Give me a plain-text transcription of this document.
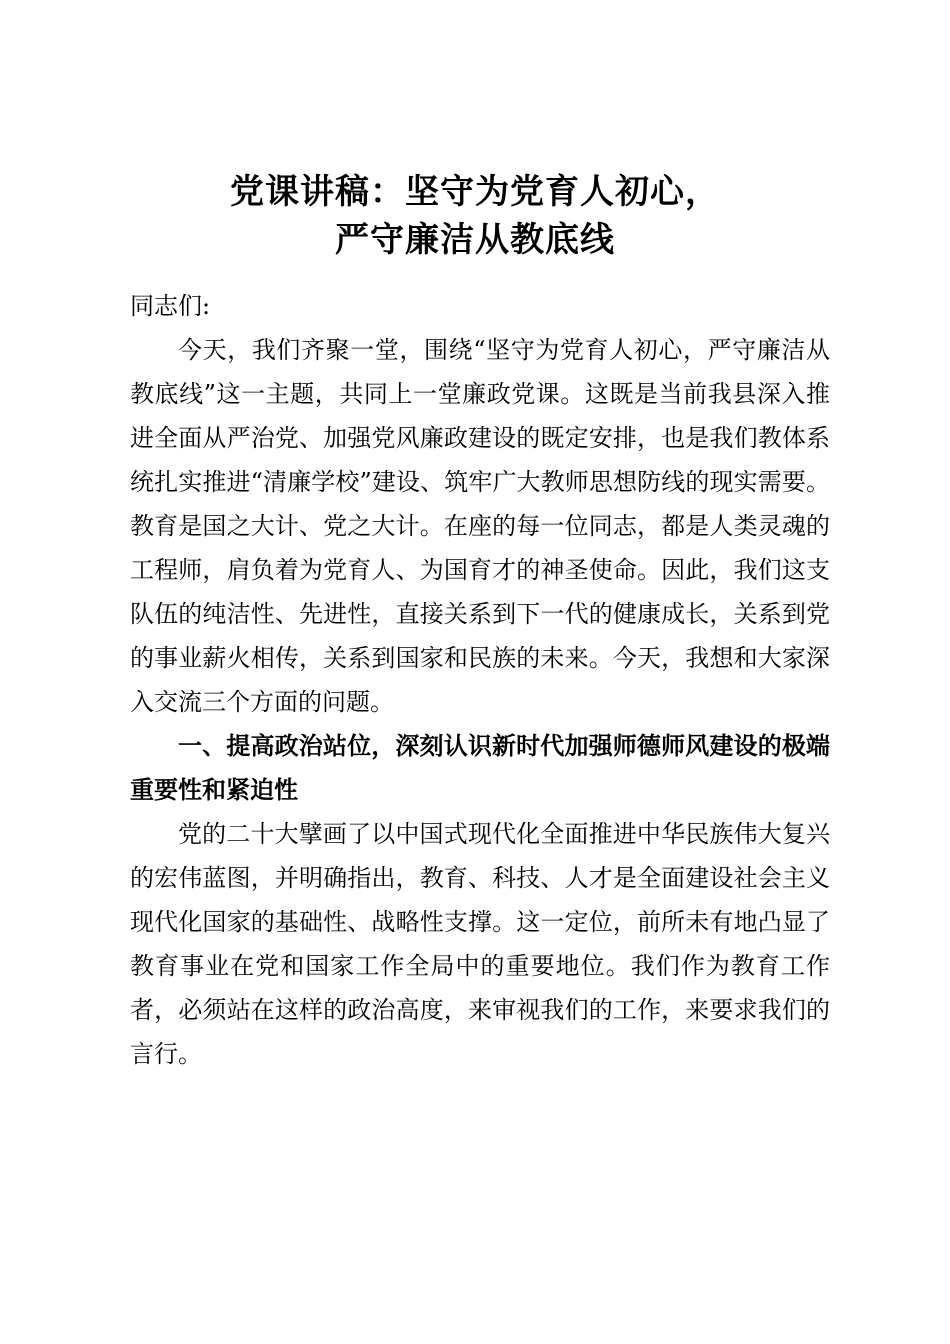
党课讲稿：坚守为党育人初心，
严守廉洁从教底线

同志们:

今天，我们齐聚一堂，围绕“坚守为党育人初心，严守廉洁从教底线”这一主题，共同上一堂廉政党课。这既是当前我县深入推进全面从严治党、加强党风廉政建设的既定安排，也是我们教体系统扎实推进“清廉学校”建设、筑牢广大教师思想防线的现实需要。教育是国之大计、党之大计。在座的每一位同志，都是人类灵魂的工程师，肩负着为党育人、为国育才的神圣使命。因此，我们这支队伍的纯洁性、先进性，直接关系到下一代的健康成长，关系到党的事业薪火相传，关系到国家和民族的未来。今天，我想和大家深入交流三个方面的问题。

一、提高政治站位，深刻认识新时代加强师德师风建设的极端重要性和紧迫性

党的二十大擘画了以中国式现代化全面推进中华民族伟大复兴的宏伟蓝图，并明确指出，教育、科技、人才是全面建设社会主义现代化国家的基础性、战略性支撑。这一定位，前所未有地凸显了教育事业在党和国家工作全局中的重要地位。我们作为教育工作者，必须站在这样的政治高度，来审视我们的工作，来要求我们的言行。
